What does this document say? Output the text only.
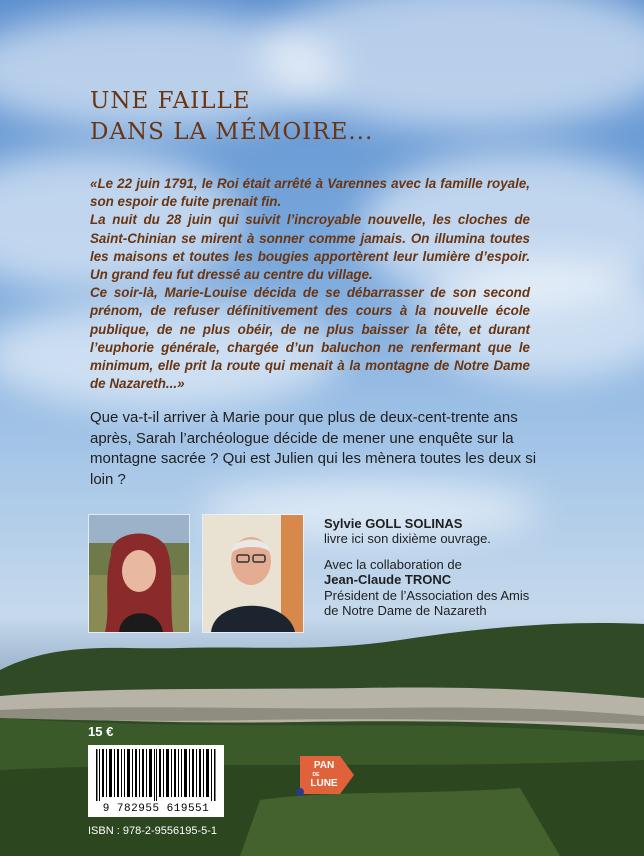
UNE FAILLE
DANS LA MÉMOIRE...
«Le 22 juin 1791, le Roi était arrêté à Varennes avec la famille royale, son espoir de fuite prenait fin.
La nuit du 28 juin qui suivit l’incroyable nouvelle, les cloches de Saint-Chinian se mirent à sonner comme jamais. On illumina toutes les maisons et toutes les bougies apportèrent leur lumière d’espoir. Un grand feu fut dressé au centre du village.
Ce soir-là, Marie-Louise décida de se débarrasser de son second prénom, de refuser définitivement des cours à la nouvelle école publique, de ne plus obéir, de ne plus baisser la tête, et durant l’euphorie générale, chargée d’un baluchon ne renfermant que le minimum, elle prit la route qui menait à la montagne de Notre Dame de Nazareth...»

Que va-t-il arriver à Marie pour que plus de deux-cent-trente ans après, Sarah l’archéologue décide de mener une enquête sur la montagne sacrée ? Qui est Julien qui les mènera toutes les deux si loin ?

Sylvie GOLL SOLINAS
livre ici son dixième ouvrage.
Avec la collaboration de
Jean-Claude TRONC
Président de l’Association des Amis
de Notre Dame de Nazareth
15 €
9 782955 619551
ISBN : 978-2-9556195-5-1
PAN
DE
LUNE
